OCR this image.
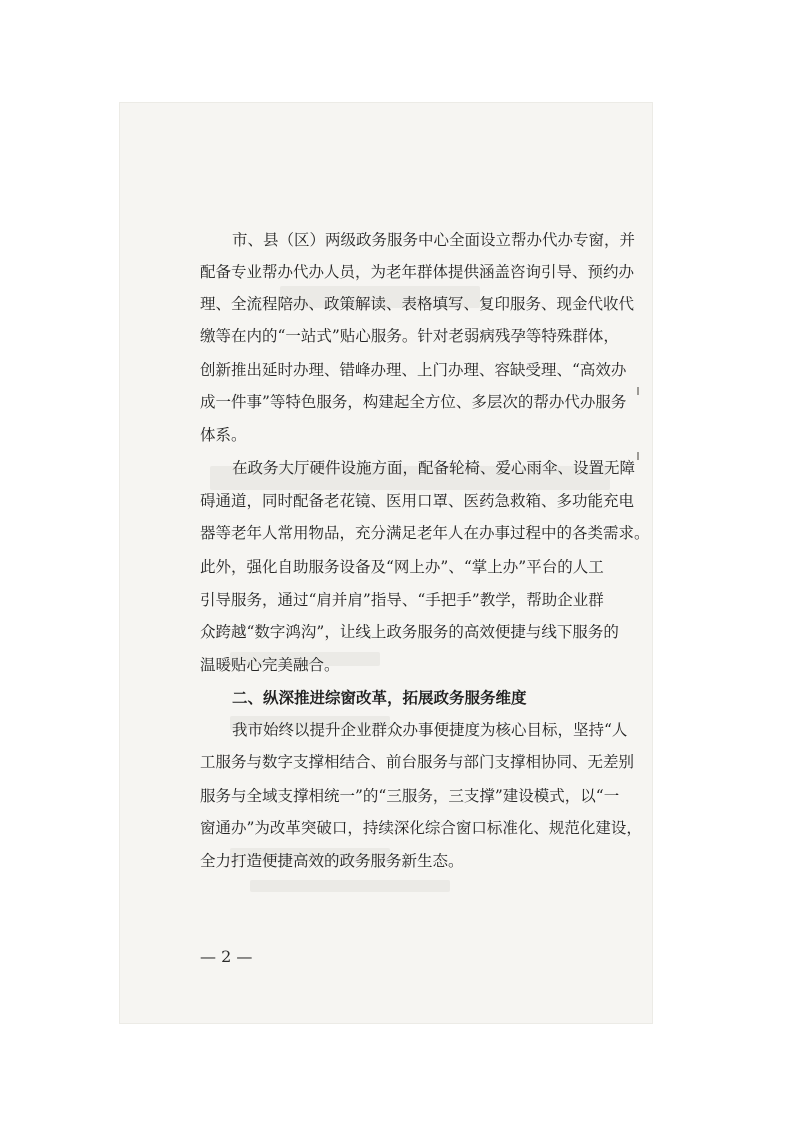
市、县（区）两级政务服务中心全面设立帮办代办专窗，并
配备专业帮办代办人员，为老年群体提供涵盖咨询引导、预约办
理、全流程陪办、政策解读、表格填写、复印服务、现金代收代
缴等在内的“一站式”贴心服务。针对老弱病残孕等特殊群体，
创新推出延时办理、错峰办理、上门办理、容缺受理、“高效办
成一件事”等特色服务，构建起全方位、多层次的帮办代办服务
体系。
在政务大厅硬件设施方面，配备轮椅、爱心雨伞、设置无障
碍通道，同时配备老花镜、医用口罩、医药急救箱、多功能充电
器等老年人常用物品，充分满足老年人在办事过程中的各类需求。
此外，强化自助服务设备及“网上办”、“掌上办”平台的人工
引导服务，通过“肩并肩”指导、“手把手”教学，帮助企业群
众跨越“数字鸿沟”，让线上政务服务的高效便捷与线下服务的
温暖贴心完美融合。
二、纵深推进综窗改革，拓展政务服务维度
我市始终以提升企业群众办事便捷度为核心目标，坚持“人
工服务与数字支撑相结合、前台服务与部门支撑相协同、无差别
服务与全域支撑相统一”的“三服务，三支撑”建设模式，以“一
窗通办”为改革突破口，持续深化综合窗口标准化、规范化建设，
全力打造便捷高效的政务服务新生态。
— 2 —
